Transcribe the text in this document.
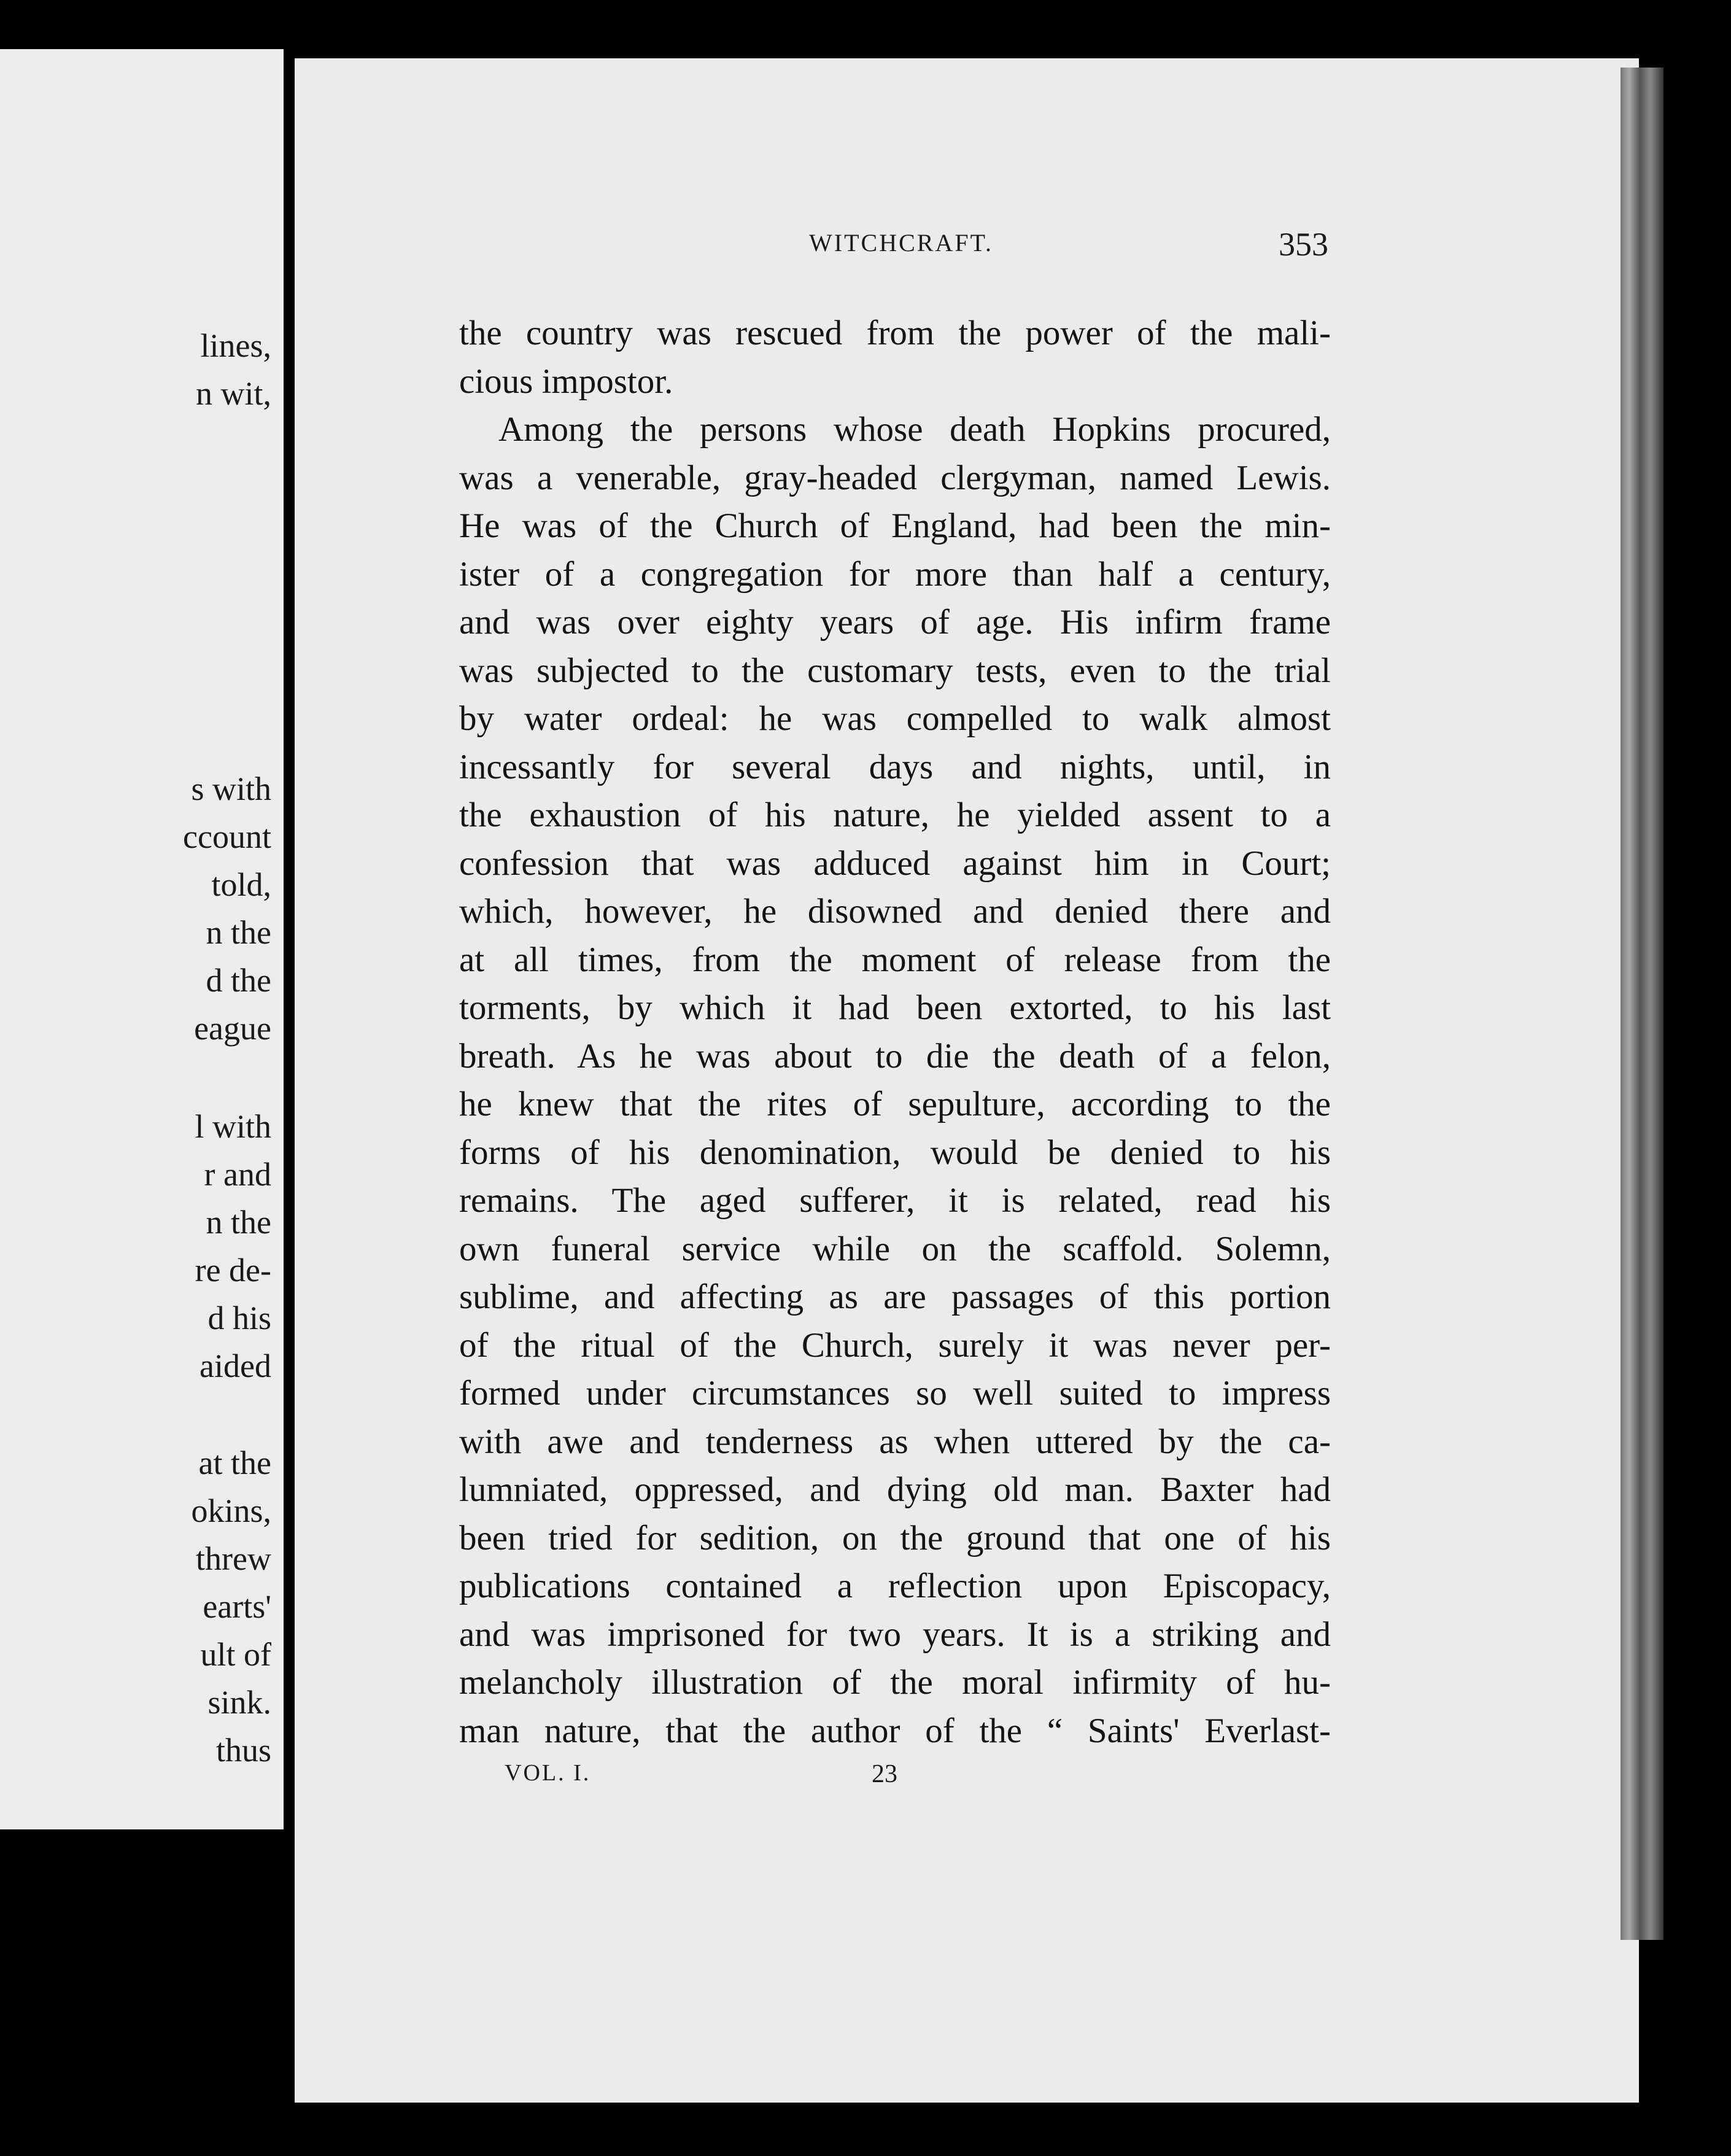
lines,
n wit,
s with
ccount
told,
n the
d the
eague
l with
r and
n the
re de-
d his
aided
at the
okins,
threw
earts'
ult of
sink.
thus
WITCHCRAFT.	353
the country was rescued from the power of the mali-
cious impostor.
Among the persons whose death Hopkins procured,
was a venerable, gray-headed clergyman, named Lewis.
He was of the Church of England, had been the min-
ister of a congregation for more than half a century,
and was over eighty years of age. His infirm frame
was subjected to the customary tests, even to the trial
by water ordeal: he was compelled to walk almost
incessantly for several days and nights, until, in
the exhaustion of his nature, he yielded assent to a
confession that was adduced against him in Court;
which, however, he disowned and denied there and
at all times, from the moment of release from the
torments, by which it had been extorted, to his last
breath. As he was about to die the death of a felon,
he knew that the rites of sepulture, according to the
forms of his denomination, would be denied to his
remains. The aged sufferer, it is related, read his
own funeral service while on the scaffold. Solemn,
sublime, and affecting as are passages of this portion
of the ritual of the Church, surely it was never per-
formed under circumstances so well suited to impress
with awe and tenderness as when uttered by the ca-
lumniated, oppressed, and dying old man. Baxter had
been tried for sedition, on the ground that one of his
publications contained a reflection upon Episcopacy,
and was imprisoned for two years. It is a striking and
melancholy illustration of the moral infirmity of hu-
man nature, that the author of the “ Saints' Everlast-
VOL. I.	23
